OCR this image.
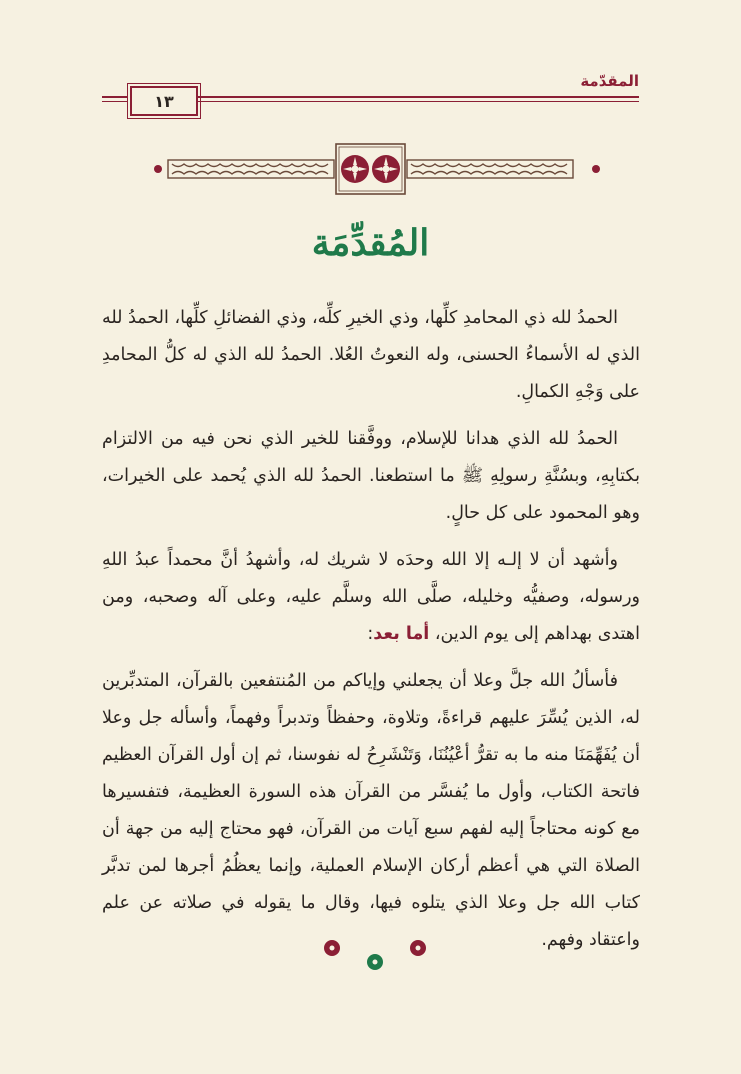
المقدّمة
١٣
المُقدِّمَة

الحمدُ لله ذي المحامدِ كلِّها، وذي الخيرِ كلِّه، وذي الفضائلِ كلِّها، الحمدُ لله الذي له الأسماءُ الحسنى، وله النعوتُ العُلا. الحمدُ لله الذي له كلُّ المحامدِ على وَجْهِ الكمالِ.

الحمدُ لله الذي هدانا للإسلام، ووفَّقنا للخير الذي نحن فيه من الالتزام بكتابِهِ، وبسُنَّةِ رسولِهِ ﷺ ما استطعنا. الحمدُ لله الذي يُحمد على الخيرات، وهو المحمود على كل حالٍ.

وأشهد أن لا إلـه إلا الله وحدَه لا شريك له، وأشهدُ أنَّ محمداً عبدُ اللهِ ورسوله، وصفيُّه وخليله، صلَّى الله وسلَّم عليه، وعلى آله وصحبه، ومن اهتدى بهداهم إلى يوم الدين، أما بعد:

فأسألُ الله جلَّ وعلا أن يجعلني وإياكم من المُنتفعين بالقرآن، المتدبِّرين له، الذين يُسِّرَ عليهم قراءةً، وتلاوة، وحفظاً وتدبراً وفهماً، وأسأله جل وعلا أن يُفَهِّمَنَا منه ما به تقرُّ أعْيُنُنَا، وَتَنْشَرِحُ له نفوسنا، ثم إن أول القرآن العظيم فاتحة الكتاب، وأول ما يُفسَّر من القرآن هذه السورة العظيمة، فتفسيرها مع كونه محتاجاً إليه لفهم سبع آيات من القرآن، فهو محتاج إليه من جهة أن الصلاة التي هي أعظم أركان الإسلام العملية، وإنما يعظُمُ أجرها لمن تدبَّر كتاب الله جل وعلا الذي يتلوه فيها، وقال ما يقوله في صلاته عن علم واعتقاد وفهم.
